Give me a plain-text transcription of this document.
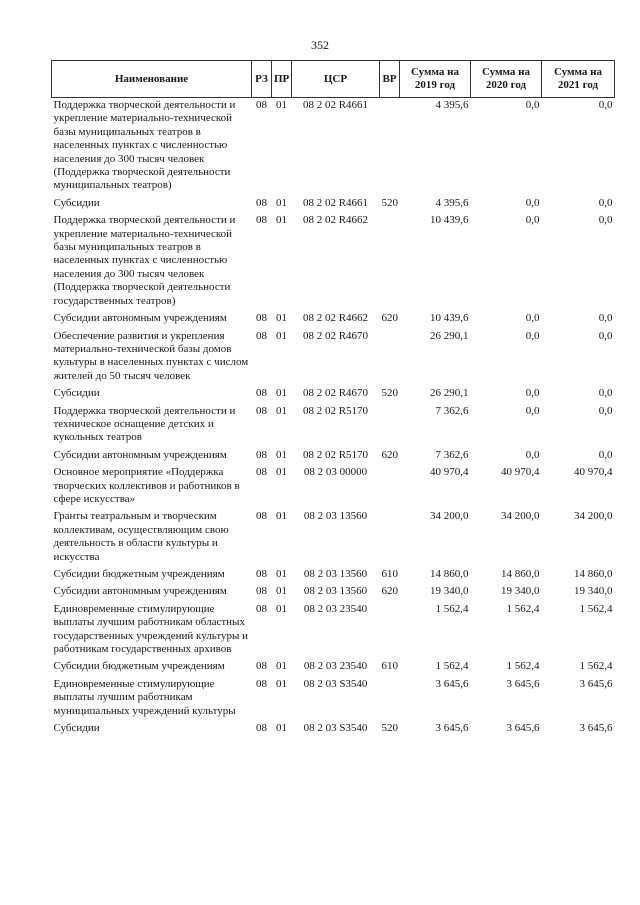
352
Наименование	РЗ	ПР	ЦСР	ВР	Сумма на 2019 год	Сумма на 2020 год	Сумма на 2021 год
Поддержка творческой деятельности и укрепление материально-технической базы муниципальных театров в населенных пунктах с численностью населения до 300 тысяч человек (Поддержка творческой деятельности муниципальных театров)	08	01	08 2 02 R4661		4 395,6	0,0	0,0
Субсидии	08	01	08 2 02 R4661	520	4 395,6	0,0	0,0
Поддержка творческой деятельности и укрепление материально-технической базы муниципальных театров в населенных пунктах с численностью населения до 300 тысяч человек (Поддержка творческой деятельности государственных театров)	08	01	08 2 02 R4662		10 439,6	0,0	0,0
Субсидии автономным учреждениям	08	01	08 2 02 R4662	620	10 439,6	0,0	0,0
Обеспечение развития и укрепления материально-технической базы домов культуры в населенных пунктах с числом жителей до 50 тысяч человек	08	01	08 2 02 R4670		26 290,1	0,0	0,0
Субсидии	08	01	08 2 02 R4670	520	26 290,1	0,0	0,0
Поддержка творческой деятельности и техническое оснащение детских и кукольных театров	08	01	08 2 02 R5170		7 362,6	0,0	0,0
Субсидии автономным учреждениям	08	01	08 2 02 R5170	620	7 362,6	0,0	0,0
Основное мероприятие «Поддержка творческих коллективов и работников в сфере искусства»	08	01	08 2 03 00000		40 970,4	40 970,4	40 970,4
Гранты театральным и творческим коллективам, осуществляющим свою деятельность в области культуры и искусства	08	01	08 2 03 13560		34 200,0	34 200,0	34 200,0
Субсидии бюджетным учреждениям	08	01	08 2 03 13560	610	14 860,0	14 860,0	14 860,0
Субсидии автономным учреждениям	08	01	08 2 03 13560	620	19 340,0	19 340,0	19 340,0
Единовременные стимулирующие выплаты лучшим работникам областных государственных учреждений культуры и работникам государственных архивов	08	01	08 2 03 23540		1 562,4	1 562,4	1 562,4
Субсидии бюджетным учреждениям	08	01	08 2 03 23540	610	1 562,4	1 562,4	1 562,4
Единовременные стимулирующие выплаты лучшим работникам муниципальных учреждений культуры	08	01	08 2 03 S3540		3 645,6	3 645,6	3 645,6
Субсидии	08	01	08 2 03 S3540	520	3 645,6	3 645,6	3 645,6
